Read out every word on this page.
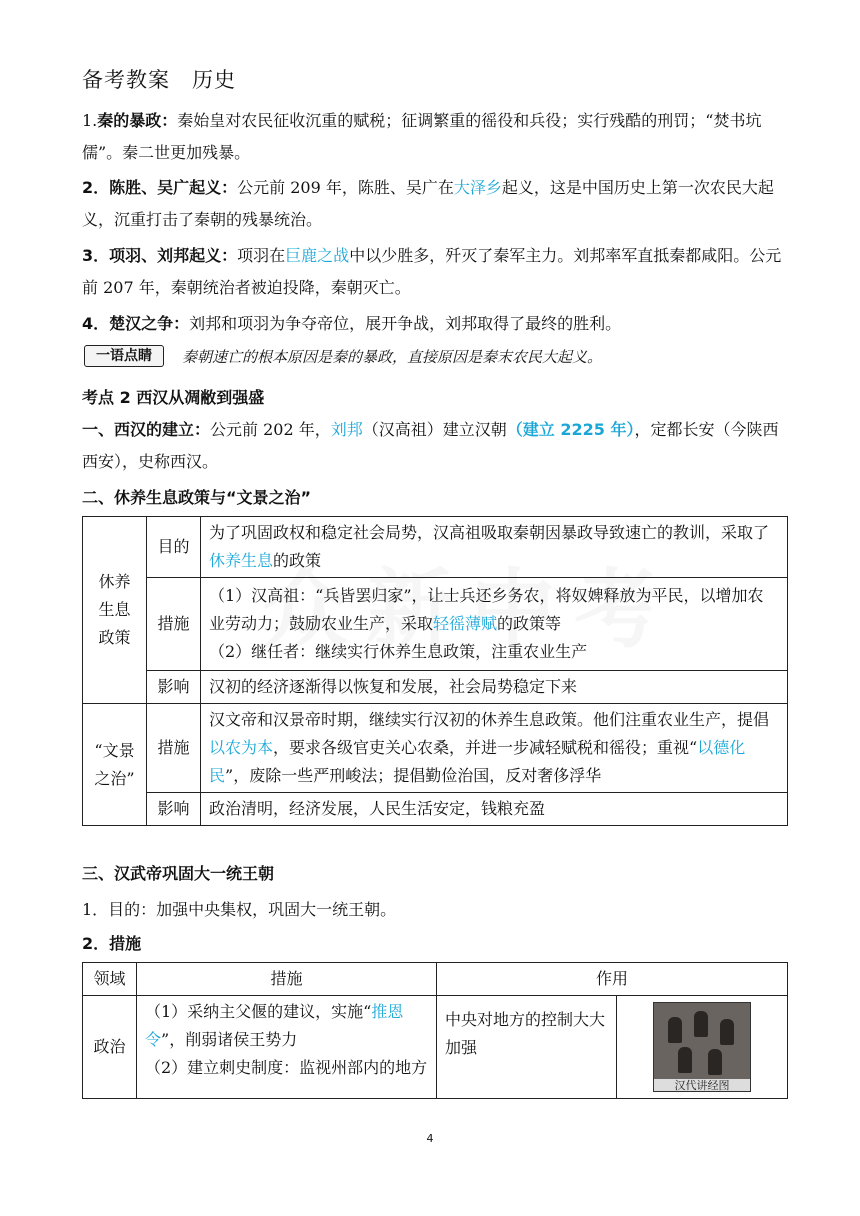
备考教案 历史
1.秦的暴政：秦始皇对农民征收沉重的赋税；征调繁重的徭役和兵役；实行残酷的刑罚；“焚书坑儒”。秦二世更加残暴。
2．陈胜、吴广起义：公元前 209 年，陈胜、吴广在大泽乡起义，这是中国历史上第一次农民大起义，沉重打击了秦朝的残暴统治。
3．项羽、刘邦起义：项羽在巨鹿之战中以少胜多，歼灭了秦军主力。刘邦率军直抵秦都咸阳。公元前 207 年，秦朝统治者被迫投降，秦朝灭亡。
4．楚汉之争：刘邦和项羽为争夺帝位，展开争战，刘邦取得了最终的胜利。
一语点睛	秦朝速亡的根本原因是秦的暴政，直接原因是秦末农民大起义。
考点 2 西汉从凋敝到强盛
一、西汉的建立：公元前 202 年，刘邦（汉高祖）建立汉朝（建立 2225 年），定都长安（今陕西西安），史称西汉。
二、休养生息政策与“文景之治”
休养生息政策	目的	为了巩固政权和稳定社会局势，汉高祖吸取秦朝因暴政导致速亡的教训，采取了休养生息的政策
	措施	（1）汉高祖：“兵皆罢归家”，让士兵还乡务农，将奴婢释放为平民，以增加农业劳动力；鼓励农业生产，采取轻徭薄赋的政策等
（2）继任者：继续实行休养生息政策，注重农业生产

	影响	汉初的经济逐渐得以恢复和发展，社会局势稳定下来
“文景之治”	措施	汉文帝和汉景帝时期，继续实行汉初的休养生息政策。他们注重农业生产，提倡以农为本，要求各级官吏关心农桑，并进一步减轻赋税和徭役；重视“以德化民”，废除一些严刑峻法；提倡勤俭治国，反对奢侈浮华
	影响	政治清明，经济发展，人民生活安定，钱粮充盈
三、汉武帝巩固大一统王朝
1．目的：加强中央集权，巩固大一统王朝。
2．措施
领域	措施	作用	
政治	（1）采纳主父偃的建议，实施“推恩令”，削弱诸侯王势力
（2）建立刺史制度：监视州部内的地方	中央对地方的控制大大加强	汉代讲经图
4
